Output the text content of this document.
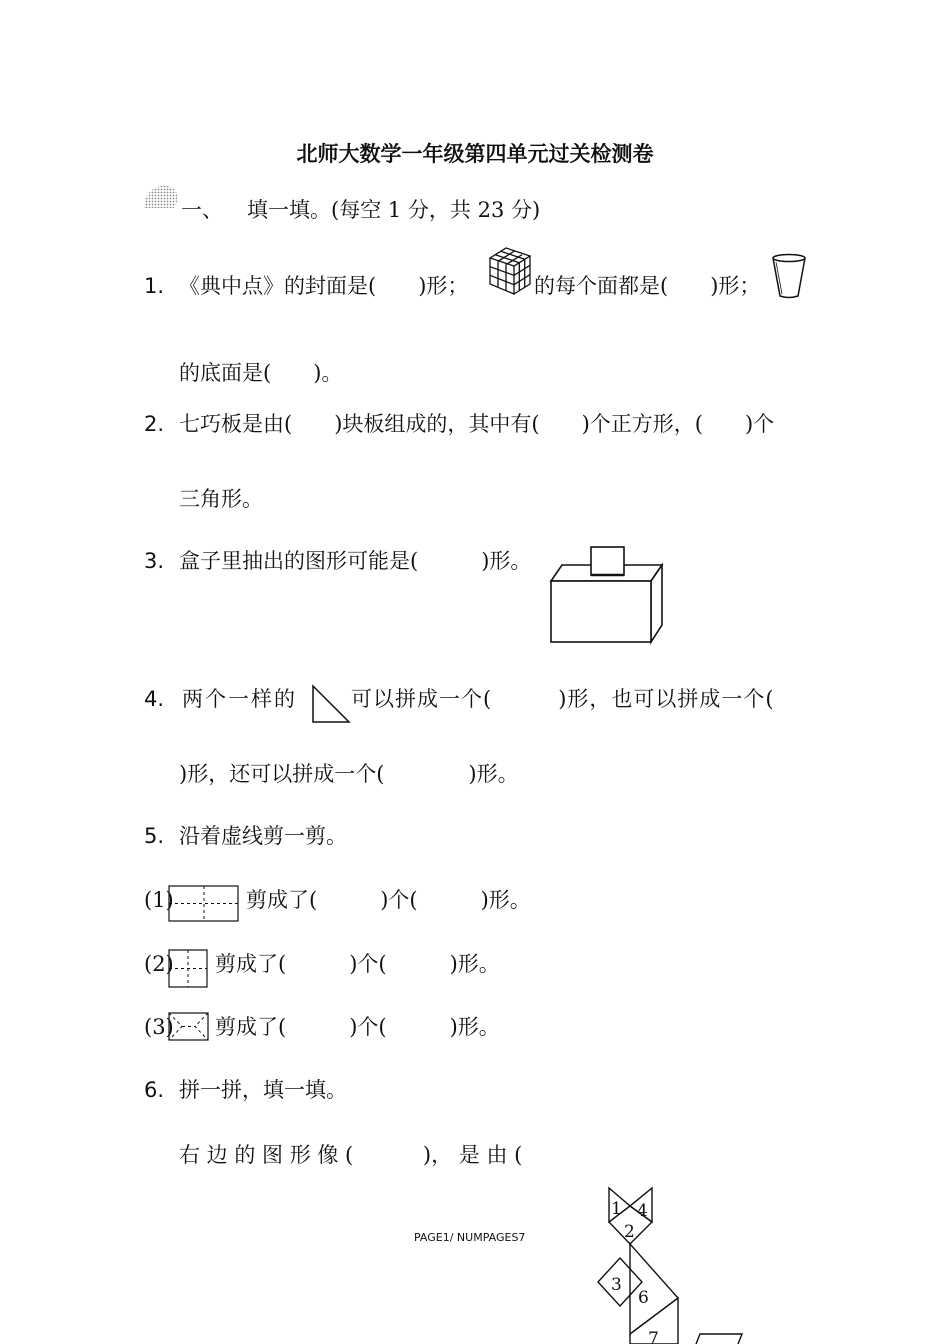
北师大数学一年级第四单元过关检测卷
一、 填一填。(每空 1 分，共 23 分)
1. 《典中点》的封面是(　　)形；	的每个面都是(　　)形；
的底面是(　　)。
2. 七巧板是由(　　)块板组成的，其中有(　　)个正方形，(　　)个
三角形。
3. 盒子里抽出的图形可能是(　　　)形。
4. 两个一样的	可以拼成一个(　　　)形，也可以拼成一个(
)形，还可以拼成一个(　　　　)形。
5. 沿着虚线剪一剪。
(1)	剪成了(　　　)个(　　　)形。
(2) 剪成了(　　　)个(　　　)形。
(3) 剪成了(　　　)个(　　　)形。
6. 拼一拼，填一填。
右 边 的 图 形 像 (　　　 )， 是 由 (
1 4
2
3
6
7
PAGE1/ NUMPAGES7
